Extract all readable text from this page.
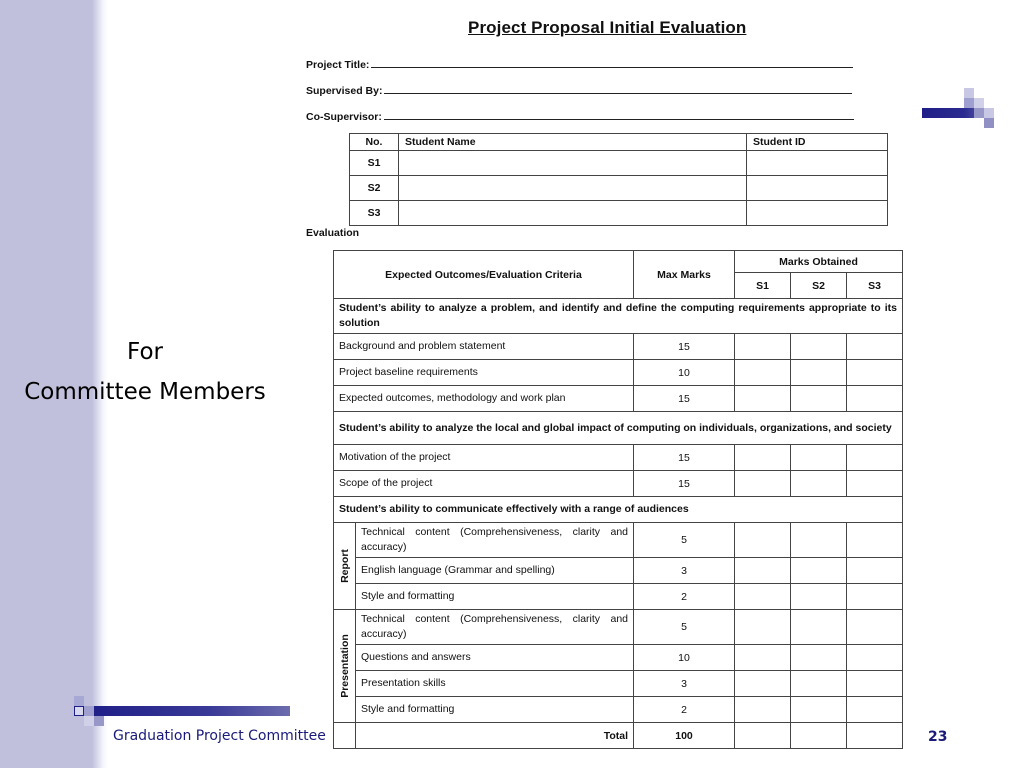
For
Committee Members
Graduation Project Committee	23
Project Proposal Initial Evaluation
Project Title:
Supervised By:
Co-Supervisor:
No.	Student Name	Student ID
S1		
S2		
S3		
Evaluation
Expected Outcomes/Evaluation Criteria		Max Marks	Marks Obtained		
			S1	S2	S3
Student’s ability to analyze a problem, and identify and define the computing requirements appropriate to its solution					
Background and problem statement		15			
Project baseline requirements		10			
Expected outcomes, methodology and work plan		15			
Student’s ability to analyze the local and global impact of computing on individuals, organizations, and society					
Motivation of the project		15			
Scope of the project		15			
Student’s ability to communicate effectively with a range of audiences					

Report	Technical content (Comprehensiveness, clarity and accuracy)	5			
	English language (Grammar and spelling)	3			
	Style and formatting	2			

Presentation	Technical content (Comprehensiveness, clarity and accuracy)	5			
	Questions and answers	10			
	Presentation skills	3			
	Style and formatting	2			
	Total	100			
